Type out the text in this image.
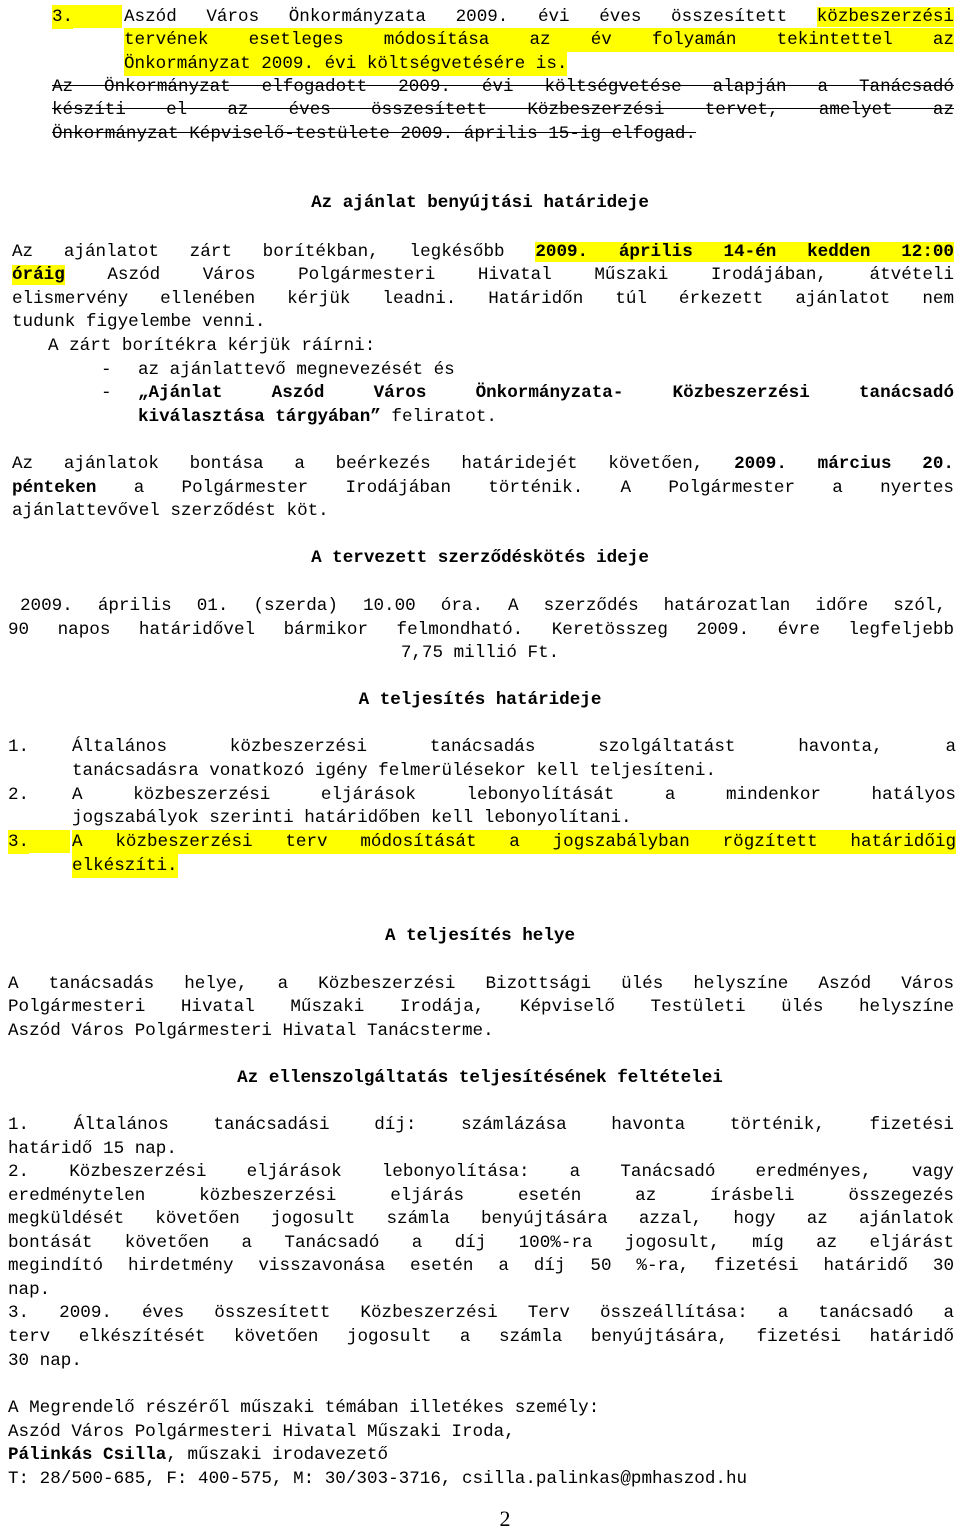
3.	Aszód Város Önkormányzata 2009. évi éves összesített közbeszerzési
tervének esetleges módosítása az év folyamán tekintettel az
Önkormányzat 2009. évi költségvetésére is.
Az Önkormányzat elfogadott 2009. évi költségvetése alapján a Tanácsadó
készíti el az éves összesített Közbeszerzési tervet, amelyet az
Önkormányzat Képviselő-testülete 2009. április 15-ig elfogad.
Az ajánlat benyújtási határideje
Az ajánlatot zárt borítékban, legkésőbb 2009. április 14-én kedden 12:00
óráig Aszód Város Polgármesteri Hivatal Műszaki Irodájában, átvételi
elismervény ellenében kérjük leadni. Határidőn túl érkezett ajánlatot nem
tudunk figyelembe venni.
A zárt borítékra kérjük ráírni:
- az ajánlattevő megnevezését és
- „Ajánlat Aszód Város Önkormányzata- Közbeszerzési tanácsadó
kiválasztása tárgyában” feliratot.
Az ajánlatok bontása a beérkezés határidejét követően, 2009. március 20.
pénteken a Polgármester Irodájában történik. A Polgármester a nyertes
ajánlattevővel szerződést köt.
A tervezett szerződéskötés ideje
2009. április 01. (szerda) 10.00 óra. A szerződés határozatlan időre szól,
90 napos határidővel bármikor felmondható. Keretösszeg 2009. évre legfeljebb
7,75 millió Ft.
A teljesítés határideje
1. Általános közbeszerzési tanácsadás szolgáltatást havonta, a
tanácsadásra vonatkozó igény felmerülésekor kell teljesíteni.
2. A közbeszerzési eljárások lebonyolítását a mindenkor hatályos
jogszabályok szerinti határidőben kell lebonyolítani.
3. A közbeszerzési terv módosítását a jogszabályban rögzített határidőig
elkészíti.
A teljesítés helye
A tanácsadás helye, a Közbeszerzési Bizottsági ülés helyszíne Aszód Város
Polgármesteri Hivatal Műszaki Irodája, Képviselő Testületi ülés helyszíne
Aszód Város Polgármesteri Hivatal Tanácsterme.
Az ellenszolgáltatás teljesítésének feltételei
1. Általános tanácsadási díj: számlázása havonta történik, fizetési
határidő 15 nap.
2. Közbeszerzési eljárások lebonyolítása: a Tanácsadó eredményes, vagy
eredménytelen közbeszerzési eljárás esetén az írásbeli összegezés
megküldését követően jogosult számla benyújtására azzal, hogy az ajánlatok
bontását követően a Tanácsadó a díj 100%-ra jogosult, míg az eljárást
megindító hirdetmény visszavonása esetén a díj 50 %-ra, fizetési határidő 30
nap.
3. 2009. éves összesített Közbeszerzési Terv összeállítása: a tanácsadó a
terv elkészítését követően jogosult a számla benyújtására, fizetési határidő
30 nap.
A Megrendelő részéről műszaki témában illetékes személy:
Aszód Város Polgármesteri Hivatal Műszaki Iroda,
Pálinkás Csilla, műszaki irodavezető
T: 28/500-685, F: 400-575, M: 30/303-3716, csilla.palinkas@pmhaszod.hu
2
